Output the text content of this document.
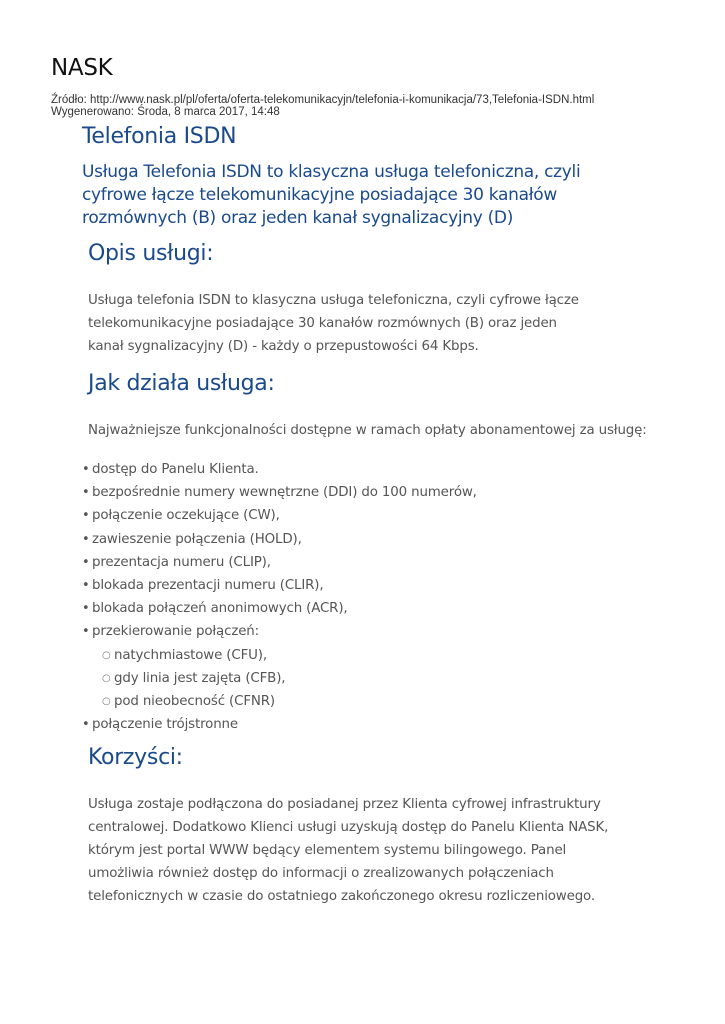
NASK
Źródło: http://www.nask.pl/pl/oferta/oferta-telekomunikacyjn/telefonia-i-komunikacja/73,Telefonia-ISDN.html
Wygenerowano: Środa, 8 marca 2017, 14:48
Telefonia ISDN

Usługa Telefonia ISDN to klasyczna usługa telefoniczna, czyli cyfrowe łącze telekomunikacyjne posiadające 30 kanałów rozmównych (B) oraz jeden kanał sygnalizacyjny (D)

Opis usługi:

Usługa telefonia ISDN to klasyczna usługa telefoniczna, czyli cyfrowe łącze telekomunikacyjne posiadające 30 kanałów rozmównych (B) oraz jeden kanał sygnalizacyjny (D) - każdy o przepustowości 64 Kbps.

Jak działa usługa:

Najważniejsze funkcjonalności dostępne w ramach opłaty abonamentowej za usługę:

• dostęp do Panelu Klienta.
• bezpośrednie numery wewnętrzne (DDI) do 100 numerów,
• połączenie oczekujące (CW),
• zawieszenie połączenia (HOLD),
• prezentacja numeru (CLIP),
• blokada prezentacji numeru (CLIR),
• blokada połączeń anonimowych (ACR),
• przekierowanie połączeń:
○ natychmiastowe (CFU),
○ gdy linia jest zajęta (CFB),
○ pod nieobecność (CFNR)
• połączenie trójstronne
Korzyści:

Usługa zostaje podłączona do posiadanej przez Klienta cyfrowej infrastruktury centralowej. Dodatkowo Klienci usługi uzyskują dostęp do Panelu Klienta NASK, którym jest portal WWW będący elementem systemu bilingowego. Panel umożliwia również dostęp do informacji o zrealizowanych połączeniach telefonicznych w czasie do ostatniego zakończonego okresu rozliczeniowego.
